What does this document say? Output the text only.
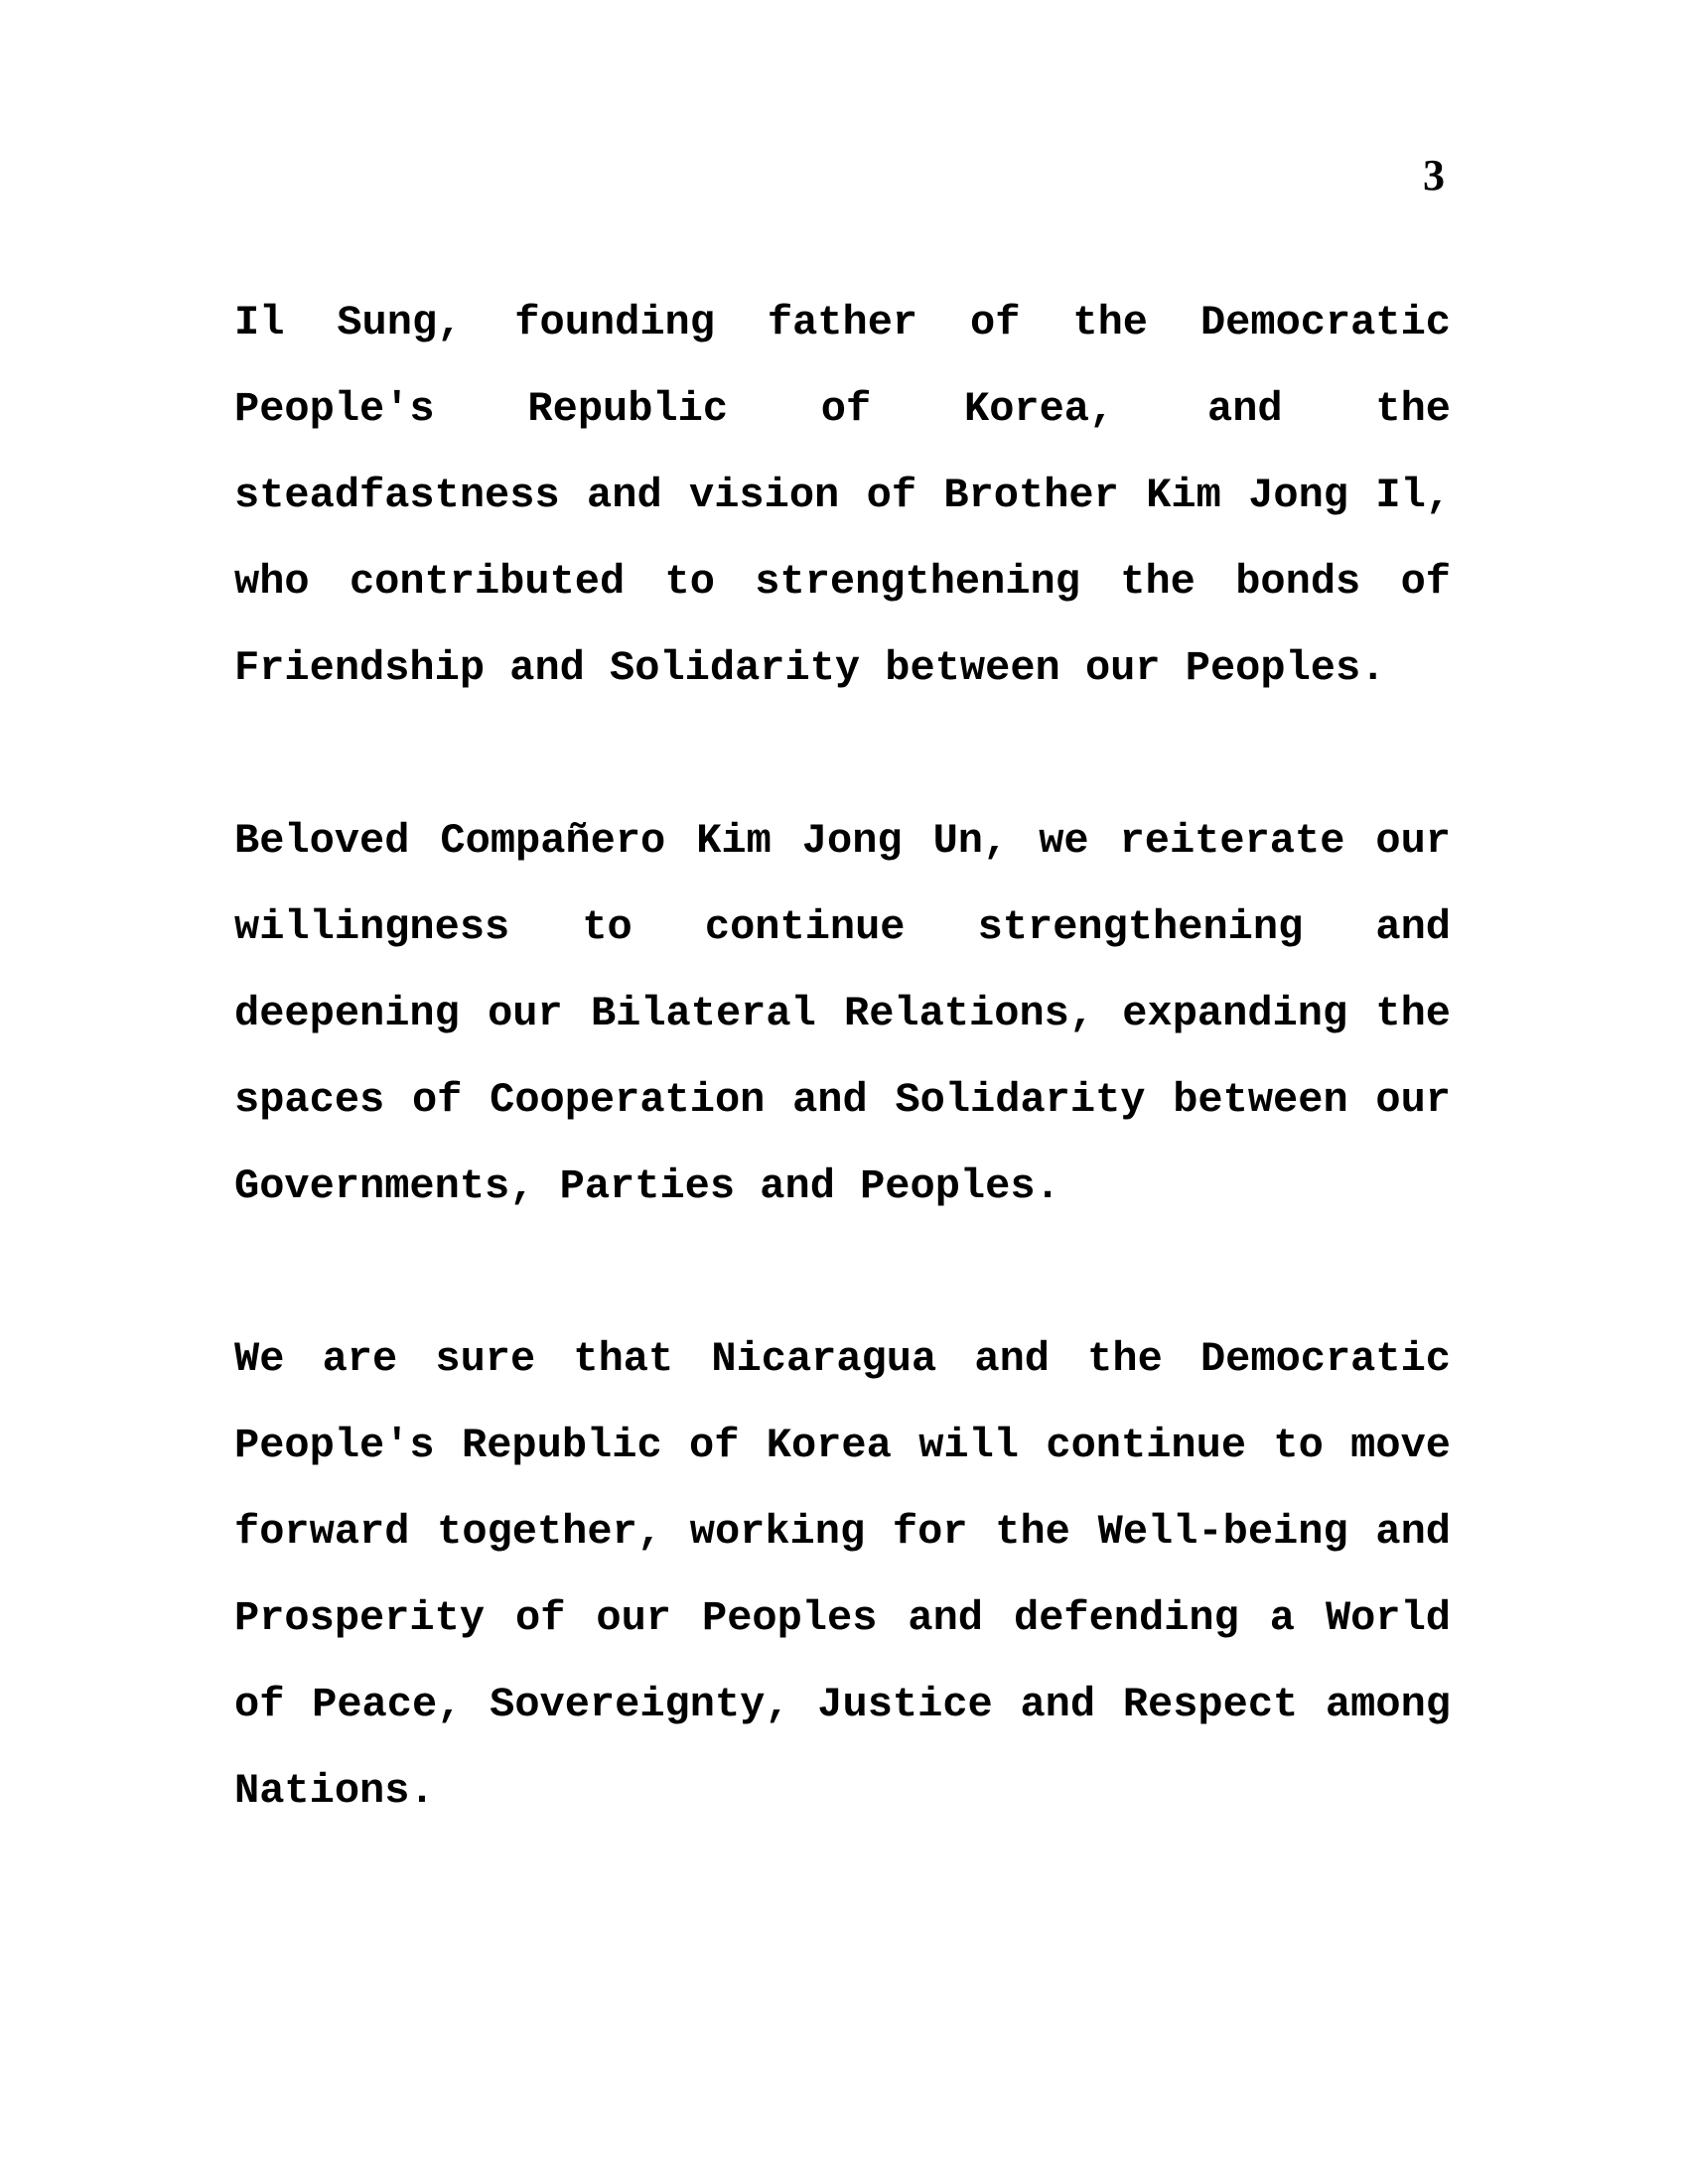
3

Il Sung, founding father of the Democratic People's Republic of Korea, and the steadfastness and vision of Brother Kim Jong Il, who contributed to strengthening the bonds of Friendship and Solidarity between our Peoples.

Beloved Compañero Kim Jong Un, we reiterate our willingness to continue strengthening and deepening our Bilateral Relations, expanding the spaces of Cooperation and Solidarity between our Governments, Parties and Peoples.

We are sure that Nicaragua and the Democratic People's Republic of Korea will continue to move forward together, working for the Well-being and Prosperity of our Peoples and defending a World of Peace, Sovereignty, Justice and Respect among Nations.
